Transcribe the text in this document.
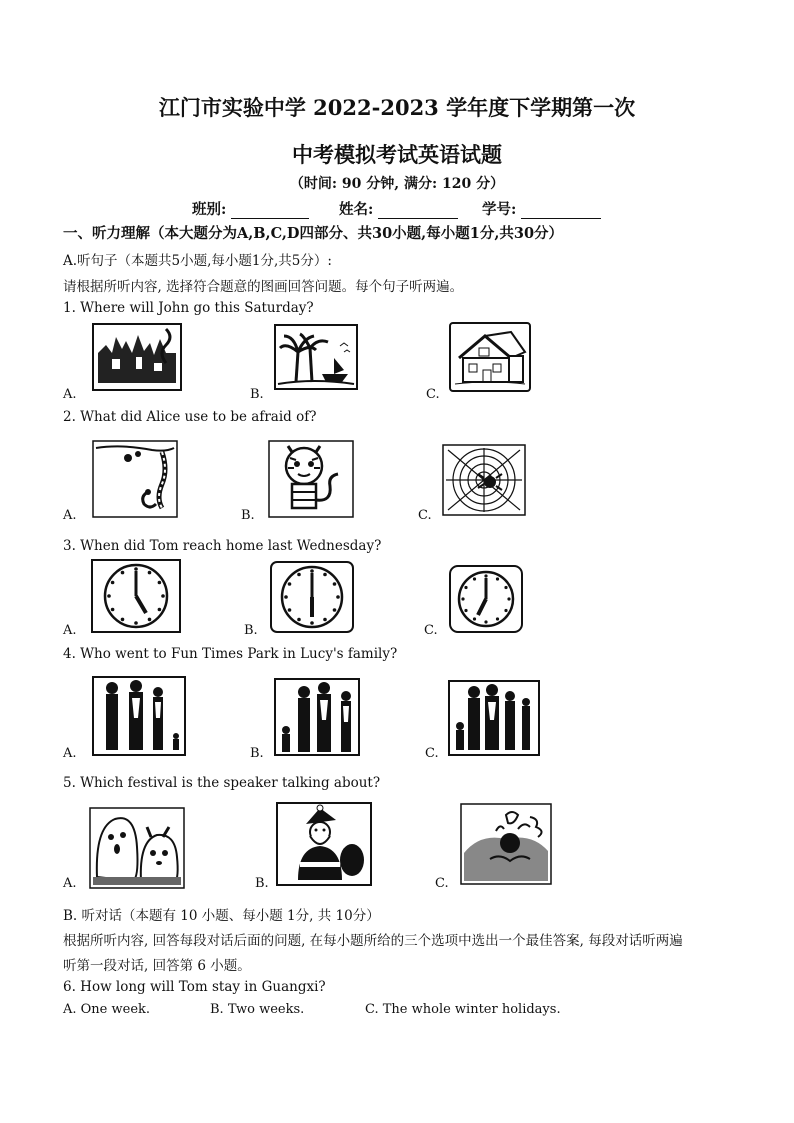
江门市实验中学 2022-2023 学年度下学期第一次
中考模拟考试英语试题
（时间: 90 分钟, 满分: 120 分）
班别:	姓名:	学号:
一、听力理解（本大题分为A,B,C,D四部分、共30小题,每小题1分,共30分）
A.听句子（本题共5小题,每小题1分,共5分）:
请根据所听内容, 选择符合题意的图画回答问题。每个句子听两遍。
1. Where will John go this Saturday?
A.	B.	C.
2. What did Alice use to be afraid of?
A.	B.	C.
3. When did Tom reach home last Wednesday?
A.	B.	C.
4. Who went to Fun Times Park in Lucy's family?
A.	B.	C.
5. Which festival is the speaker talking about?
A.	B.	C.
B. 听对话（本题有 10 小题、每小题 1分, 共 10分）
根据所听内容, 回答每段对话后面的问题, 在每小题所给的三个选项中选出一个最佳答案, 每段对话听两遍
听第一段对话, 回答第 6 小题。
6. How long will Tom stay in Guangxi?
A. One week.	B. Two weeks.	C. The whole winter holidays.
